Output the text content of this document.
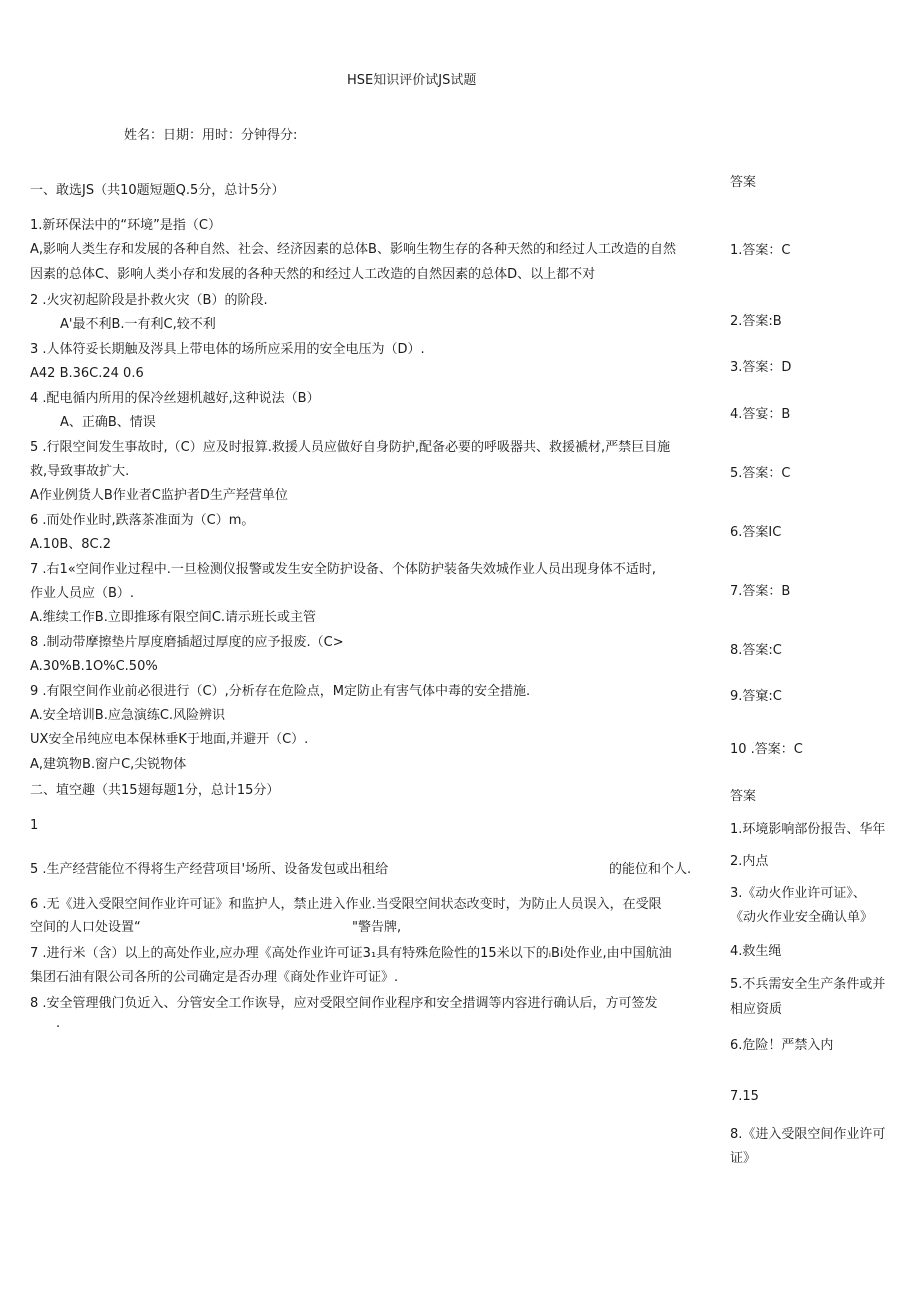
HSE知识评价试JS试题
姓名：日期：用时：分钟得分:
一、敢选JS（共10题短题Q.5分，总计5分）
答案
1.新环保法中的“环境”是指（C）
A,影响人类生存和发展的各种自然、社会、经济因素的总体B、影响生物生存的各种天然的和经过人工改造的自然
因素的总体C、影响人类小存和发展的各种天然的和经过人工改造的自然因素的总体D、以上都不对
2 .火灾初起阶段是扑救火灾（B）的阶段.
A'最不利B.一有利C,较不利
3 .人体符妥长期触及涔具上带电体的场所应采用的安全电压为（D）.
A42 B.36C.24 0.6
4 .配电循内所用的保冷丝翅机越好,这种说法（B）
A、正确B、情误
5 .行限空间发生事故时,（C）应及时报算.救援人员应做好自身防护,配备必要的呼吸器共、救援褫材,严禁巨目施
救,导致事故扩大.
A作业例货人B作业者C监护者D生产羟营单位
6 .而处作业时,跌落茶准面为（C）m。
A.10B、8C.2
7 .右1«空间作业过程中.一旦检测仪报警或发生安全防护设备、个体防护装备失效城作业人员出现身体不适时,
作业人员应（B）.
A.维续工作B.立即推琢有限空间C.请示班长或主管
8 .制动带摩擦垫片厚度磨插超过厚度的应予报废.（C>
A.30%B.1O%C.50%
9 .有限空间作业前必很进行（C）,分析存在危险点，M定防止有害气体中毒的安全措施.
A.安全培训B.应急演练C.风险辨识
UX安全吊纯应电本保林垂K于地面,并避开（C）.
A,建筑物B.窗户C,尖锐物体
1.答案：C
2.答案:B
3.答案：D
4.答宴：B
5.答案：C
6.答案IC
7.答案：B
8.答案:C
9.答窠:C
10 .答案：C
二、埴空趣（共15翅每题1分，总计15分）	答案
1
5 .生产经营能位不得将生产经营项目'场所、设备发包或出租给	的能位和个人.
6 .无《进入受限空间作业许可证》和监护人，禁止进入作业.当受限空间状态改变时，为防止人员误入，在受限
空间的人口处设置“	"警告牌,
7 .进行米（含）以上的高处作业,应办理《高处作业许可证3₁具有特殊危险性的15米以下的ᵢBi处作业,由中国航油
集团石油有限公司各所的公司确定是否办理《商处作业许可证》.
8 .安全管理俄门负近入、分管安全工作诙导，应对受限空间作业程序和安全措调等内容进行确认后，方可签发
.
1.环境影响部份报告、华年
2.内点
3.《动火作业许可证》、
《动火作业安全确认单》
4.救生绳
5.不兵需安全生产条件或并
相应资质
6.危险！严禁入内
7.15
8.《进入受限空间作业许可
证》
